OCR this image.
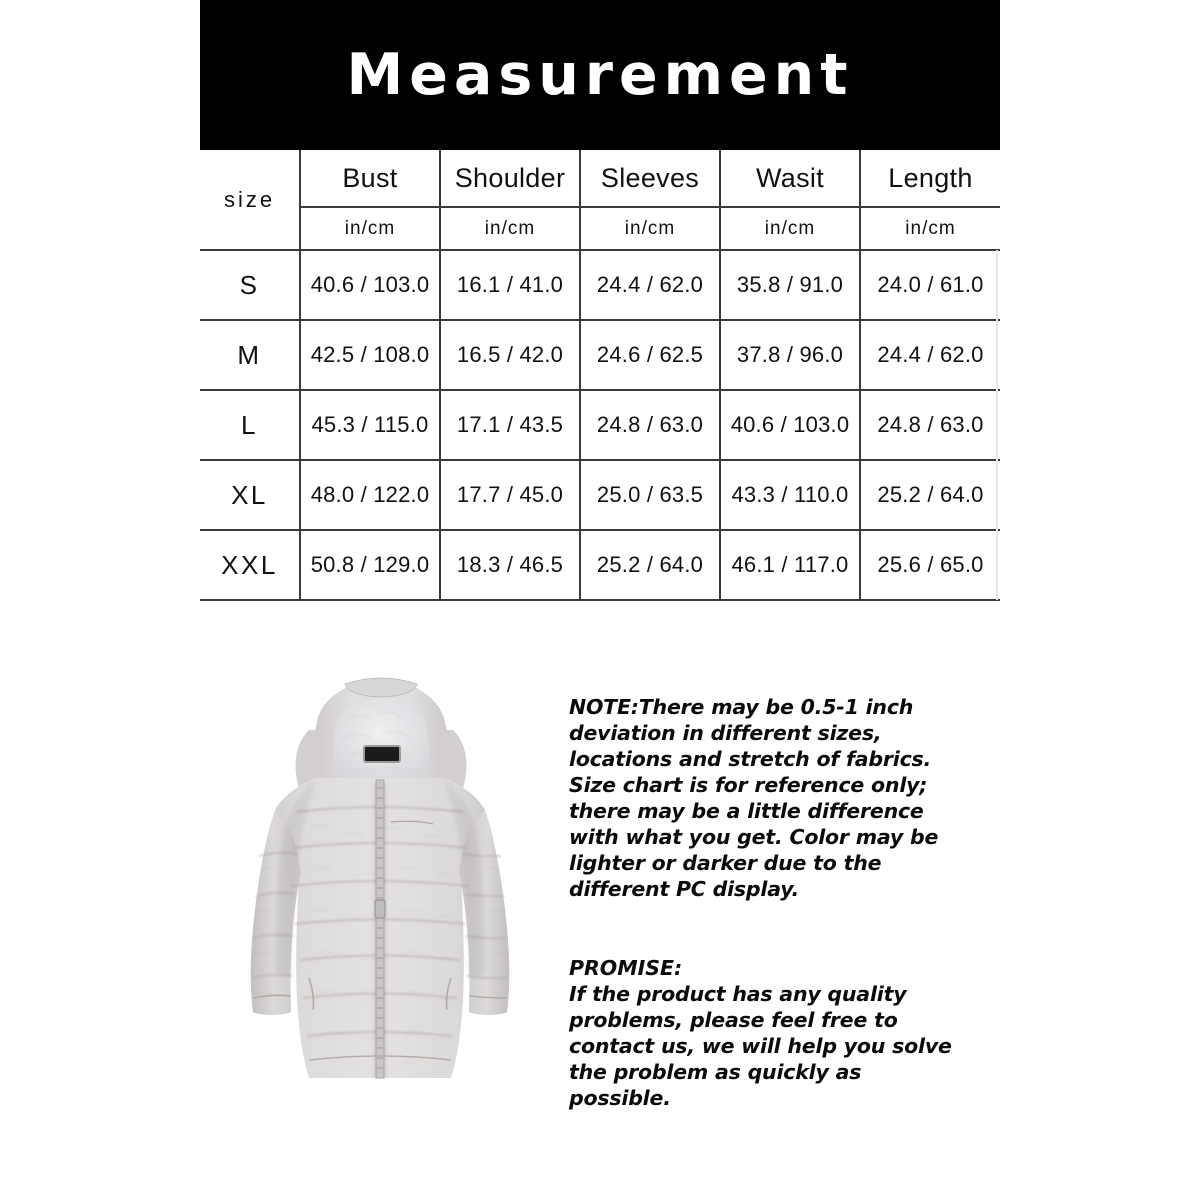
Measurement
size	Bust	Shoulder	Sleeves	Wasit	Length
	in/cm	in/cm	in/cm	in/cm	in/cm
S	40.6 / 103.0	16.1 / 41.0	24.4 / 62.0	35.8 / 91.0	24.0 / 61.0
M	42.5 / 108.0	16.5 / 42.0	24.6 / 62.5	37.8 / 96.0	24.4 / 62.0
L	45.3 / 115.0	17.1 / 43.5	24.8 / 63.0	40.6 / 103.0	24.8 / 63.0
XL	48.0 / 122.0	17.7 / 45.0	25.0 / 63.5	43.3 / 110.0	25.2 / 64.0
XXL	50.8 / 129.0	18.3 / 46.5	25.2 / 64.0	46.1 / 117.0	25.6 / 65.0

NOTE:There may be 0.5-1 inch deviation in different sizes, locations and stretch of fabrics. Size chart is for reference only; there may be a little difference with what you get. Color may be lighter or darker due to the different PC display.

PROMISE:

If the product has any quality problems, please feel free to contact us, we will help you solve the problem as quickly as possible.
